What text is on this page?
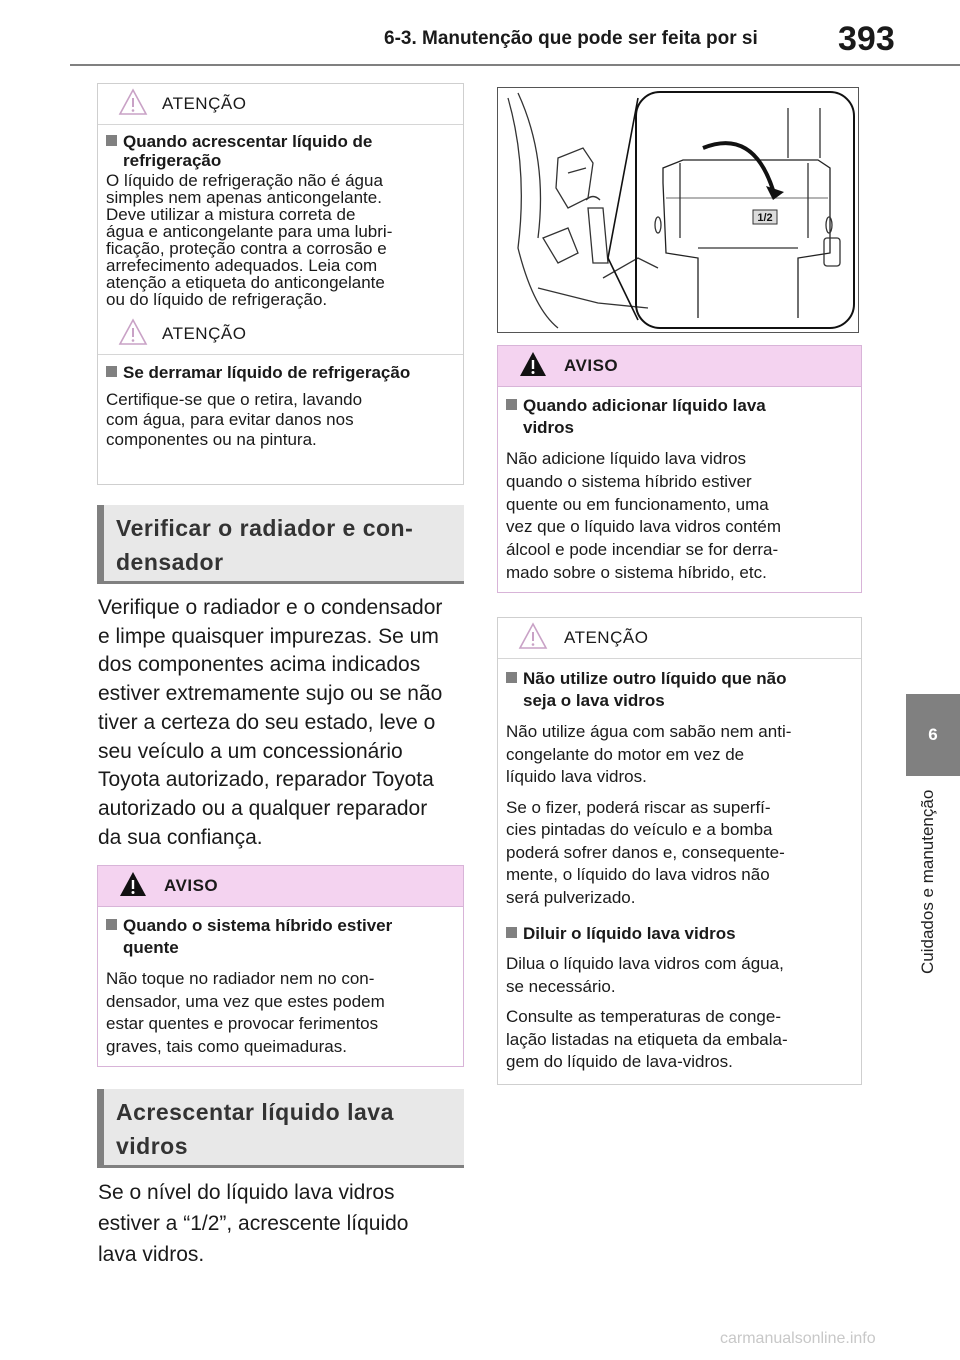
6-3. Manutenção que pode ser feita por si 393
6
Cuidados e manutenção
ATENÇÃO
Quando acrescentar líquido de
refrigeração
O líquido de refrigeração não é água
simples nem apenas anticongelante.
Deve utilizar a mistura correta de
água e anticongelante para uma lubri-
ficação, proteção contra a corrosão e
arrefecimento adequados. Leia com
atenção a etiqueta do anticongelante
ou do líquido de refrigeração.
ATENÇÃO
Se derramar líquido de refrigeração
Certifique-se que o retira, lavando
com água, para evitar danos nos
componentes ou na pintura.
Verificar o radiador e con-
densador
Verifique o radiador e o condensador
e limpe quaisquer impurezas. Se um
dos componentes acima indicados
estiver extremamente sujo ou se não
tiver a certeza do seu estado, leve o
seu veículo a um concessionário
Toyota autorizado, reparador Toyota
autorizado ou a qualquer reparador
da sua confiança.
AVISO
Quando o sistema híbrido estiver
quente
Não toque no radiador nem no con-
densador, uma vez que estes podem
estar quentes e provocar ferimentos
graves, tais como queimaduras.
Acrescentar líquido lava
vidros
Se o nível do líquido lava vidros
estiver a “1/2”, acrescente líquido
lava vidros.
1/2
AVISO
Quando adicionar líquido lava
vidros
Não adicione líquido lava vidros
quando o sistema híbrido estiver
quente ou em funcionamento, uma
vez que o líquido lava vidros contém
álcool e pode incendiar se for derra-
mado sobre o sistema híbrido, etc.
ATENÇÃO
Não utilize outro líquido que não
seja o lava vidros
Não utilize água com sabão nem anti-
congelante do motor em vez de
líquido lava vidros.
Se o fizer, poderá riscar as superfí-
cies pintadas do veículo e a bomba
poderá sofrer danos e, consequente-
mente, o líquido do lava vidros não
será pulverizado.
Diluir o líquido lava vidros
Dilua o líquido lava vidros com água,
se necessário.
Consulte as temperaturas de conge-
lação listadas na etiqueta da embala-
gem do líquido de lava-vidros.
carmanualsonline.info
